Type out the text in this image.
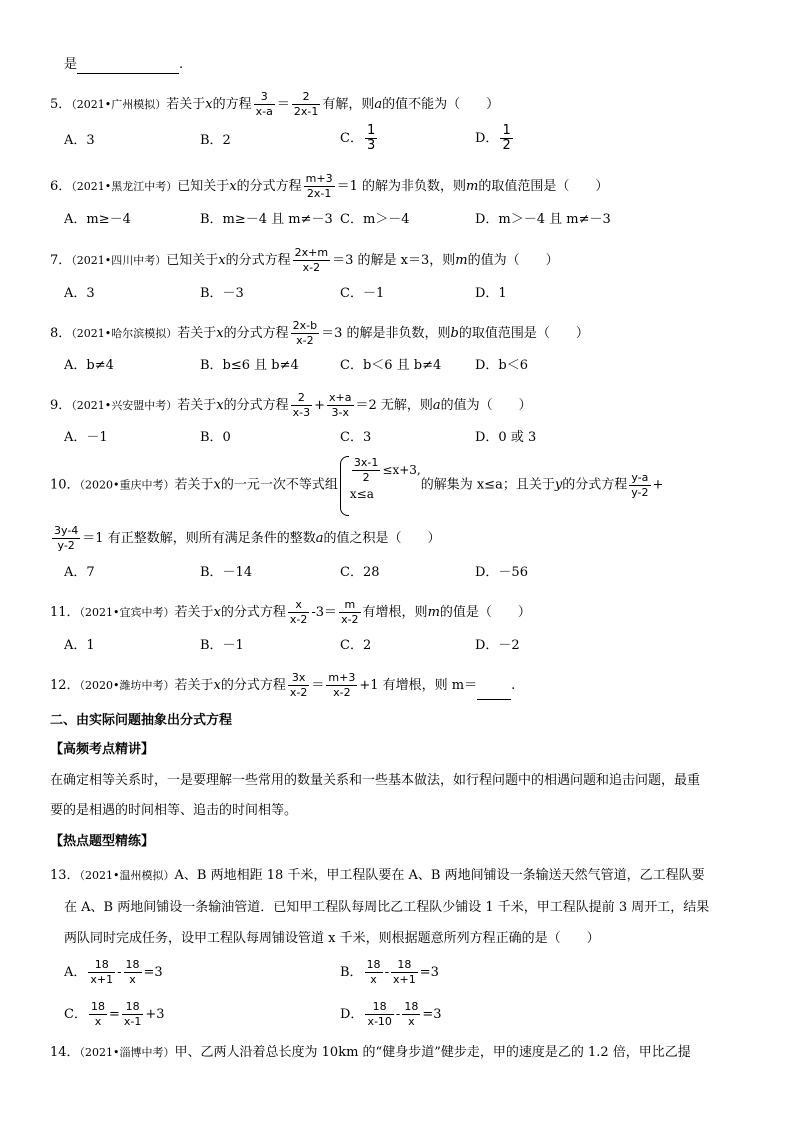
是	.
5．（2021•广州模拟）若关于x的方程 $\frac{3}{x-a} = \frac{2}{2x-1}$ 有解，则a的值不能为（　　）
A．3	B．2	C． $\frac{1}{3}$	D． $\frac{1}{2}$
6．（2021•黑龙江中考）已知关于x的分式方程 $\frac{m+3}{2x-1} =1$ 的解为非负数，则m的取值范围是（　　）
A．m≥－4	B．m≥－4 且 m≠－3 C．m＞－4	D．m＞－4 且 m≠－3
7．（2021•四川中考）已知关于x的分式方程 $\frac{2x+m}{x-2} =3$ 的解是 x＝3，则m的值为（　　）
A．3	B．－3	C．－1	D．1
8．（2021•哈尔滨模拟）若关于x的分式方程 $\frac{2x-b}{x-2} =3$ 的解是非负数，则b的取值范围是（　　）
A．b≠4	B．b≤6 且 b≠4	C．b＜6 且 b≠4	D．b＜6
9．（2021•兴安盟中考）若关于x的分式方程 $\frac{2}{x-3} + \frac{x+a}{3-x} =2$ 无解，则a的值为（　　）
A．－1	B．0	C．3	D．0 或 3
10．（2020•重庆中考）若关于x的一元一次不等式组 $\frac{3x-1}{2} \le x+3$,
x≤a
的解集为 x≤a；且关于y的分式方程 $\frac{y-a}{y-2}$ +
$\frac{3y-4}{y-2} =1$ 有正整数解，则所有满足条件的整数a的值之积是（　　）
A．7	B．－14	C．28	D．－56
11．（2021•宜宾中考）若关于x的分式方程 $\frac{x}{x-2} -3= \frac{m}{x-2}$ 有增根，则m的值是（　　）
A．1	B．－1	C．2	D．－2
12．（2020•潍坊中考）若关于x的分式方程 $\frac{3x}{x-2} = \frac{m+3}{x-2} +1$ 有增根，则 m＝	.
二、由实际问题抽象出分式方程
【高频考点精讲】
在确定相等关系时，一是要理解一些常用的数量关系和一些基本做法，如行程问题中的相遇问题和追击问题，最重
要的是相遇的时间相等、追击的时间相等。
【热点题型精练】
13．（2021•温州模拟）A、B 两地相距 18 千米，甲工程队要在 A、B 两地间铺设一条输送天然气管道，乙工程队要
在 A、B 两地间铺设一条输油管道．已知甲工程队每周比乙工程队少铺设 1 千米，甲工程队提前 3 周开工，结果
两队同时完成任务，设甲工程队每周铺设管道 x 千米，则根据题意所列方程正确的是（　　）
A． $\frac{18}{x+1} - \frac{18}{x} =3$	B． $\frac{18}{x} - \frac{18}{x+1} =3$
C． $\frac{18}{x} = \frac{18}{x-1} +3$	D． $\frac{18}{x-10} - \frac{18}{x} =3$
14．（2021•淄博中考）甲、乙两人沿着总长度为 10km 的“健身步道”健步走，甲的速度是乙的 1.2 倍，甲比乙提
